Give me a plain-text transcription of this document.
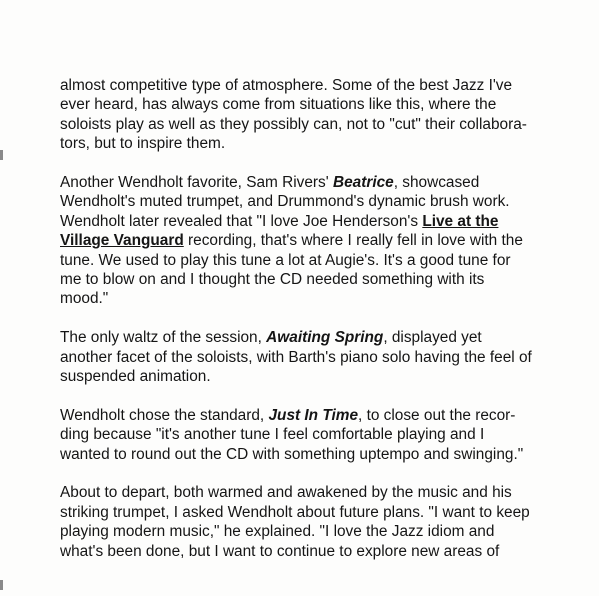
almost competitive type of atmosphere. Some of the best Jazz I've
ever heard, has always come from situations like this, where the
soloists play as well as they possibly can, not to "cut" their collabora-
tors, but to inspire them.
Another Wendholt favorite, Sam Rivers' Beatrice, showcased
Wendholt's muted trumpet, and Drummond's dynamic brush work.
Wendholt later revealed that "I love Joe Henderson's Live at the
Village Vanguard recording, that's where I really fell in love with the
tune. We used to play this tune a lot at Augie's. It's a good tune for
me to blow on and I thought the CD needed something with its
mood."
The only waltz of the session, Awaiting Spring, displayed yet
another facet of the soloists, with Barth's piano solo having the feel of
suspended animation.
Wendholt chose the standard, Just In Time, to close out the recor-
ding because "it's another tune I feel comfortable playing and I
wanted to round out the CD with something uptempo and swinging."
About to depart, both warmed and awakened by the music and his
striking trumpet, I asked Wendholt about future plans. "I want to keep
playing modern music," he explained. "I love the Jazz idiom and
what's been done, but I want to continue to explore new areas of
